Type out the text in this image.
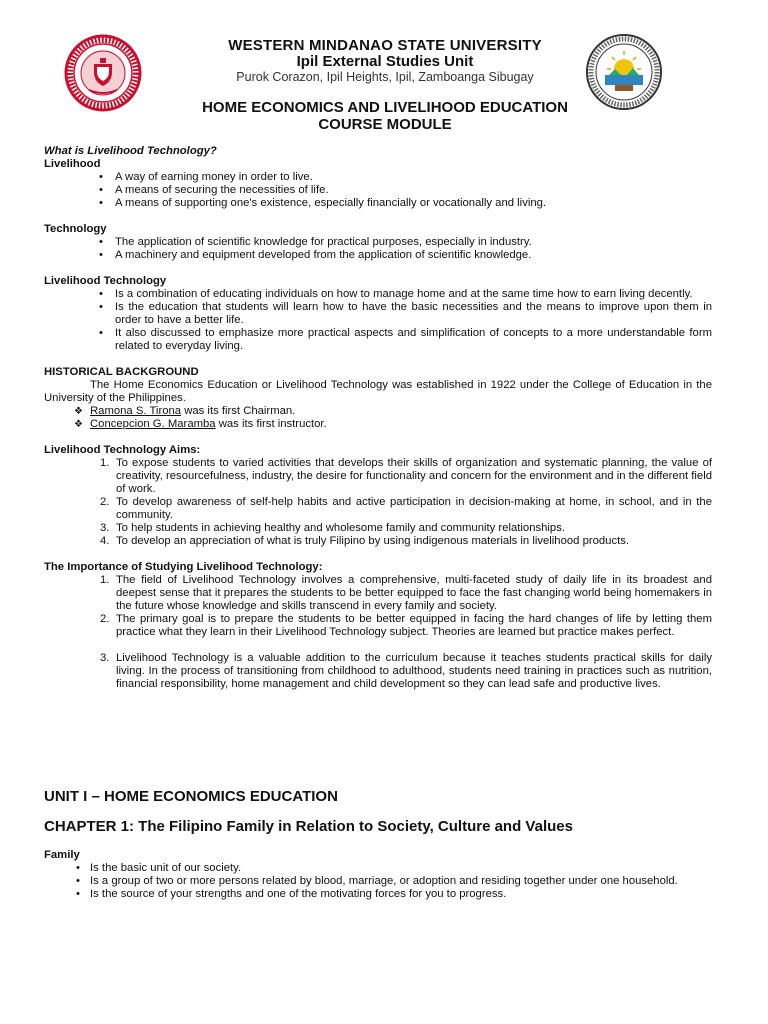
WESTERN MINDANAO STATE UNIVERSITY
Ipil External Studies Unit
Purok Corazon, Ipil Heights, Ipil, Zamboanga Sibugay
HOME ECONOMICS AND LIVELIHOOD EDUCATION
COURSE MODULE

What is Livelihood Technology?

Livelihood

• A way of earning money in order to live.
• A means of securing the necessities of life.
• A means of supporting one's existence, especially financially or vocationally and living.

Technology

• The application of scientific knowledge for practical purposes, especially in industry.
• A machinery and equipment developed from the application of scientific knowledge.

Livelihood Technology

• Is a combination of educating individuals on how to manage home and at the same time how to earn living decently.
• Is the education that students will learn how to have the basic necessities and the means to improve upon them in order to have a better life.
• It also discussed to emphasize more practical aspects and simplification of concepts to a more understandable form related to everyday living.

HISTORICAL BACKGROUND

The Home Economics Education or Livelihood Technology was established in 1922 under the College of Education in the University of the Philippines.

❖ Ramona S. Tirona was its first Chairman.
❖ Concepcion G. Maramba was its first instructor.

Livelihood Technology Aims:

1. To expose students to varied activities that develops their skills of organization and systematic planning, the value of creativity, resourcefulness, industry, the desire for functionality and concern for the environment and in the different field of work.
2. To develop awareness of self-help habits and active participation in decision-making at home, in school, and in the community.
3. To help students in achieving healthy and wholesome family and community relationships.
4. To develop an appreciation of what is truly Filipino by using indigenous materials in livelihood products.

The Importance of Studying Livelihood Technology:

1. The field of Livelihood Technology involves a comprehensive, multi-faceted study of daily life in its broadest and deepest sense that it prepares the students to be better equipped to face the fast changing world being homemakers in the future whose knowledge and skills transcend in every family and society.
2. The primary goal is to prepare the students to be better equipped in facing the hard changes of life by letting them practice what they learn in their Livelihood Technology subject. Theories are learned but practice makes perfect.
3. Livelihood Technology is a valuable addition to the curriculum because it teaches students practical skills for daily living. In the process of transitioning from childhood to adulthood, students need training in practices such as nutrition, financial responsibility, home management and child development so they can lead safe and productive lives.
UNIT I – HOME ECONOMICS EDUCATION
CHAPTER 1: The Filipino Family in Relation to Society, Culture and Values

Family

• Is the basic unit of our society.
• Is a group of two or more persons related by blood, marriage, or adoption and residing together under one household.
• Is the source of your strengths and one of the motivating forces for you to progress.
